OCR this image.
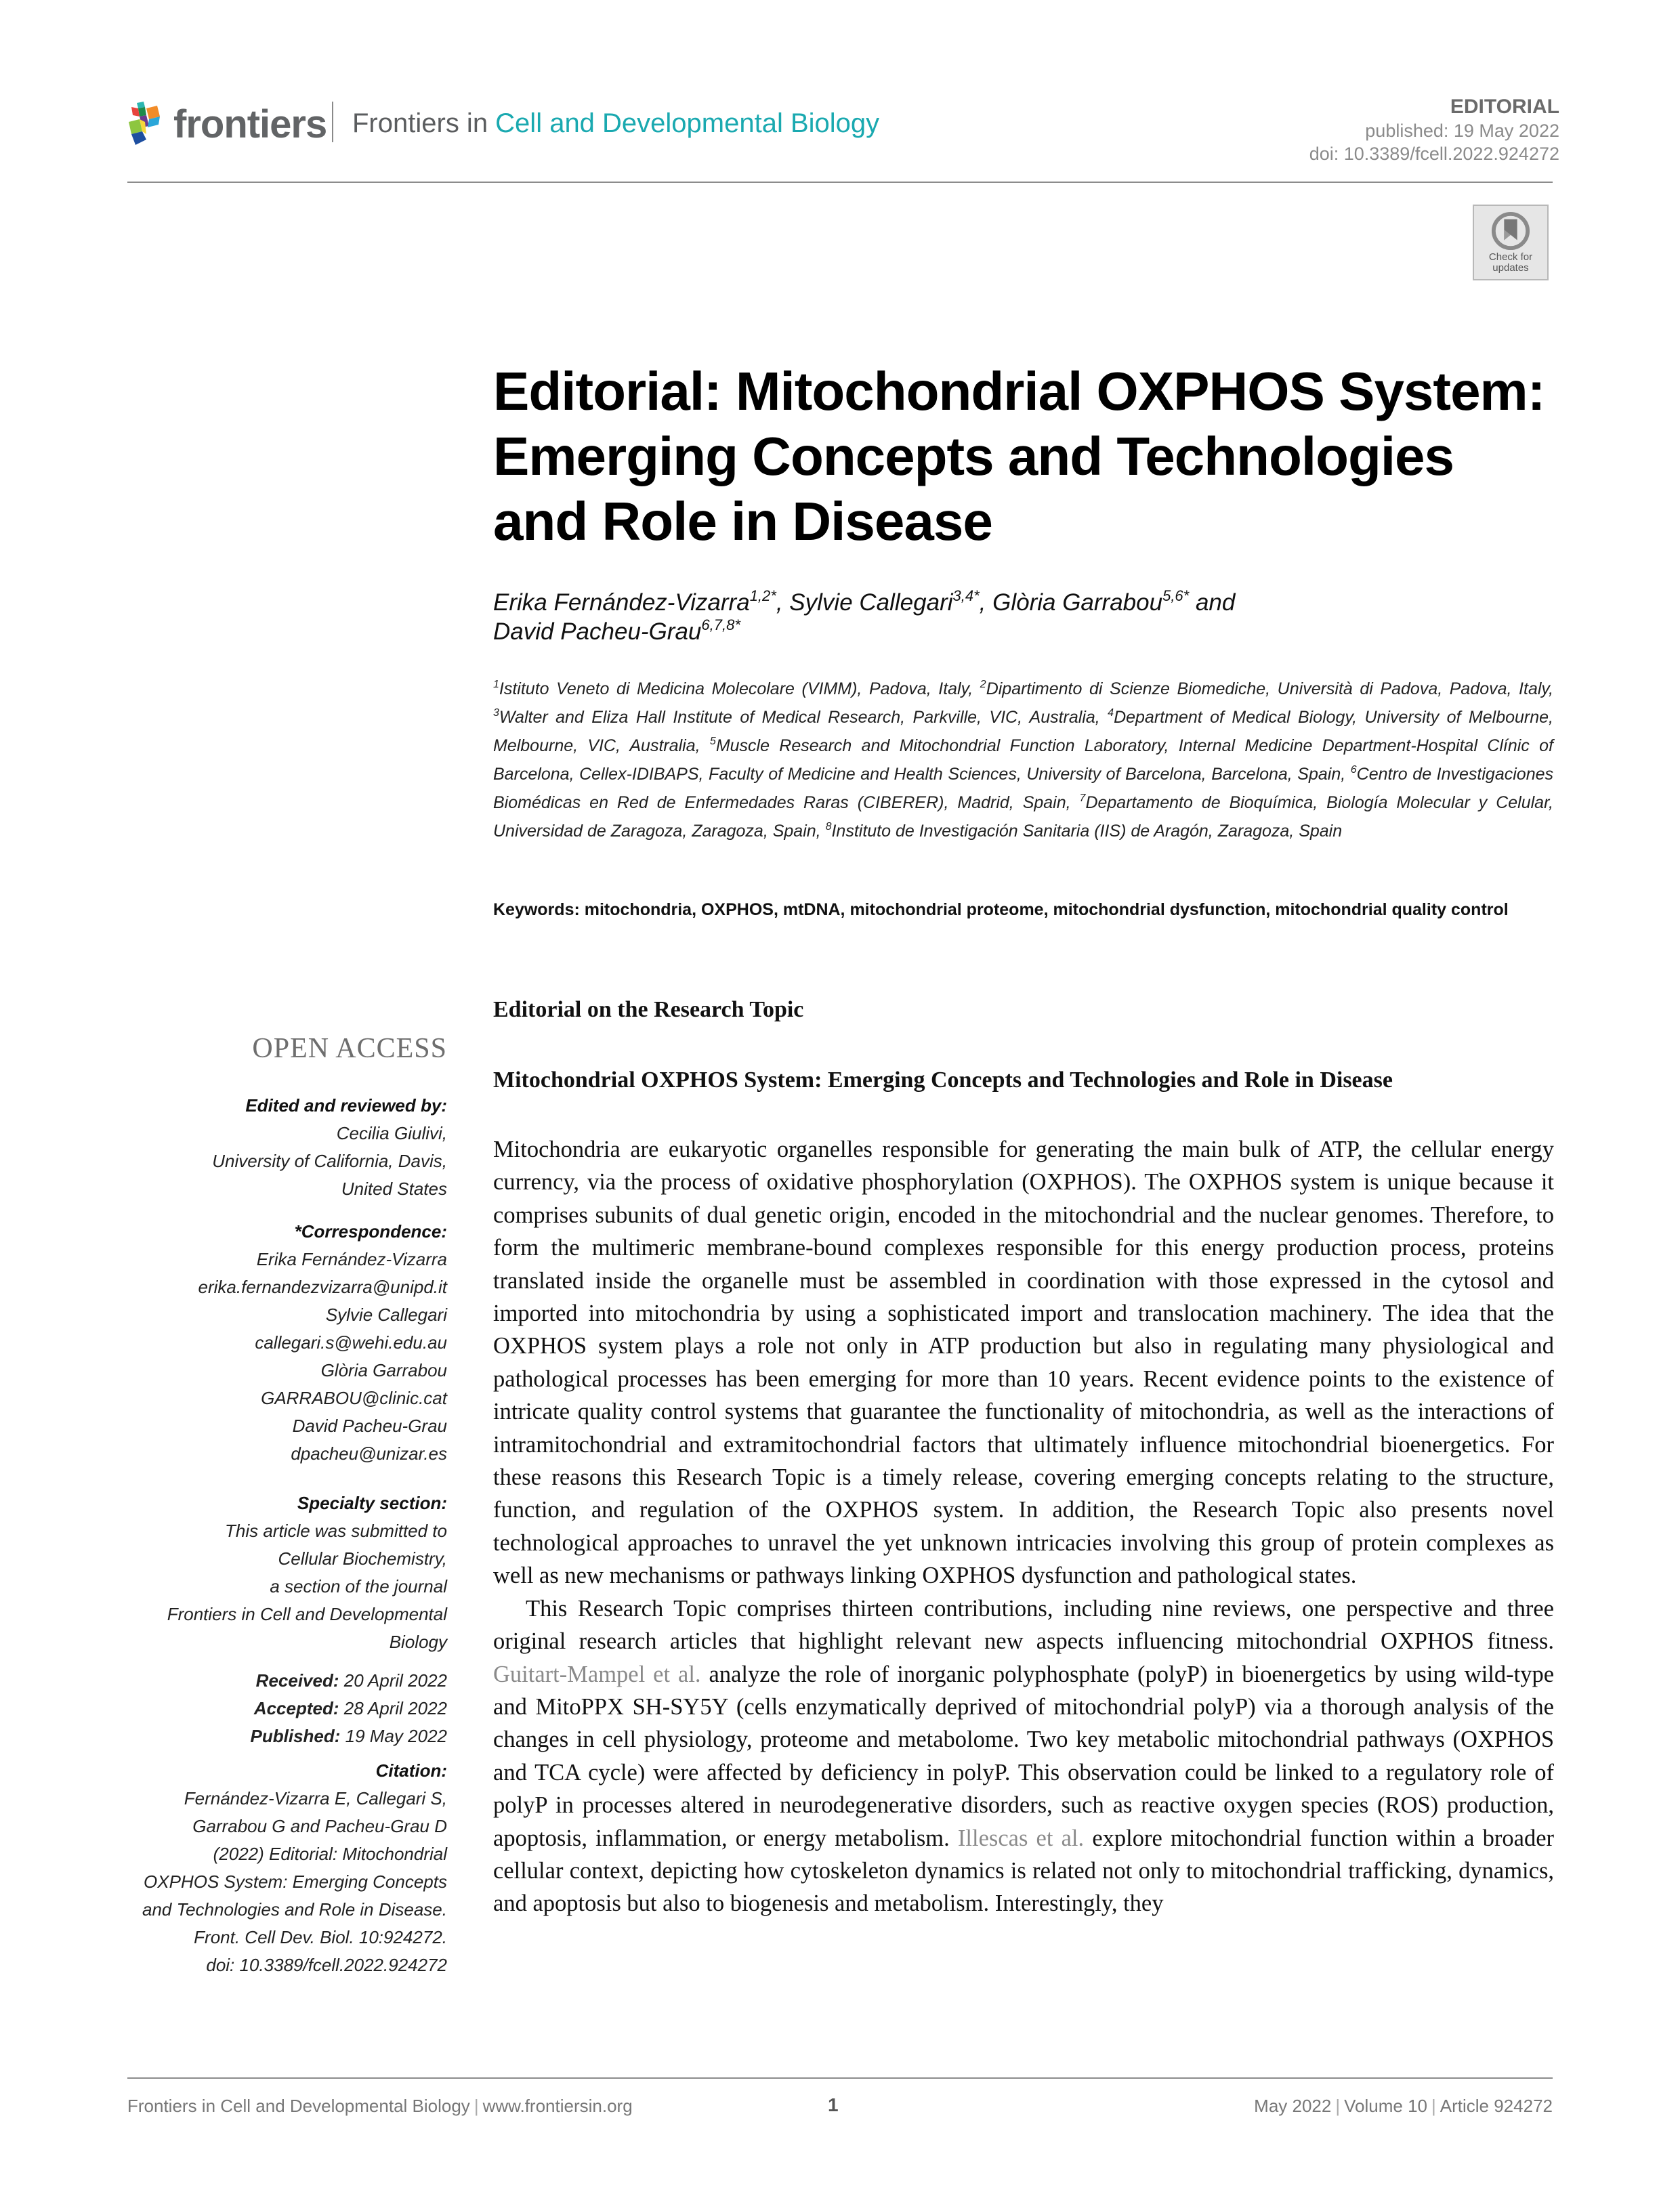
frontiers Frontiers in Cell and Developmental Biology
EDITORIAL
published: 19 May 2022
doi: 10.3389/fcell.2022.924272
Check for
updates
Editorial: Mitochondrial OXPHOS System: Emerging Concepts and Technologies and Role in Disease
Erika Fernández-Vizarra$^{1,2*}$, Sylvie Callegari$^{3,4*}$, Glòria Garrabou$^{5,6*}$ and
David Pacheu-Grau$^{6,7,8*}$
$^1$Istituto Veneto di Medicina Molecolare (VIMM), Padova, Italy, $^2$Dipartimento di Scienze Biomediche, Università di Padova, Padova, Italy, $^3$Walter and Eliza Hall Institute of Medical Research, Parkville, VIC, Australia, $^4$Department of Medical Biology, University of Melbourne, Melbourne, VIC, Australia, $^5$Muscle Research and Mitochondrial Function Laboratory, Internal Medicine Department-Hospital Clínic of Barcelona, Cellex-IDIBAPS, Faculty of Medicine and Health Sciences, University of Barcelona, Barcelona, Spain, $^6$Centro de Investigaciones Biomédicas en Red de Enfermedades Raras (CIBERER), Madrid, Spain, $^7$Departamento de Bioquímica, Biología Molecular y Celular, Universidad de Zaragoza, Zaragoza, Spain, $^8$Instituto de Investigación Sanitaria (IIS) de Aragón, Zaragoza, Spain
Keywords: mitochondria, OXPHOS, mtDNA, mitochondrial proteome, mitochondrial dysfunction, mitochondrial quality control
OPEN ACCESS
Edited and reviewed by:
Cecilia Giulivi,
University of California, Davis,
United States
*Correspondence:
Erika Fernández-Vizarra
erika.fernandezvizarra@unipd.it
Sylvie Callegari
callegari.s@wehi.edu.au
Glòria Garrabou
GARRABOU@clinic.cat
David Pacheu-Grau
dpacheu@unizar.es
Specialty section:
This article was submitted to
Cellular Biochemistry,
a section of the journal
Frontiers in Cell and Developmental
Biology
Received: 20 April 2022
Accepted: 28 April 2022
Published: 19 May 2022
Citation:
Fernández-Vizarra E, Callegari S,
Garrabou G and Pacheu-Grau D
(2022) Editorial: Mitochondrial
OXPHOS System: Emerging Concepts
and Technologies and Role in Disease.
Front. Cell Dev. Biol. 10:924272.
doi: 10.3389/fcell.2022.924272
Editorial on the Research Topic
Mitochondrial OXPHOS System: Emerging Concepts and Technologies and Role in Disease

Mitochondria are eukaryotic organelles responsible for generating the main bulk of ATP, the cellular energy currency, via the process of oxidative phosphorylation (OXPHOS). The OXPHOS system is unique because it comprises subunits of dual genetic origin, encoded in the mitochondrial and the nuclear genomes. Therefore, to form the multimeric membrane-bound complexes responsible for this energy production process, proteins translated inside the organelle must be assembled in coordination with those expressed in the cytosol and imported into mitochondria by using a sophisticated import and translocation machinery. The idea that the OXPHOS system plays a role not only in ATP production but also in regulating many physiological and pathological processes has been emerging for more than 10 years. Recent evidence points to the existence of intricate quality control systems that guarantee the functionality of mitochondria, as well as the interactions of intramitochondrial and extramitochondrial factors that ultimately influence mitochondrial bioenergetics. For these reasons this Research Topic is a timely release, covering emerging concepts relating to the structure, function, and regulation of the OXPHOS system. In addition, the Research Topic also presents novel technological approaches to unravel the yet unknown intricacies involving this group of protein complexes as well as new mechanisms or pathways linking OXPHOS dysfunction and pathological states.

This Research Topic comprises thirteen contributions, including nine reviews, one perspective and three original research articles that highlight relevant new aspects influencing mitochondrial OXPHOS fitness. Guitart-Mampel et al. analyze the role of inorganic polyphosphate (polyP) in bioenergetics by using wild-type and MitoPPX SH-SY5Y (cells enzymatically deprived of mitochondrial polyP) via a thorough analysis of the changes in cell physiology, proteome and metabolome. Two key metabolic mitochondrial pathways (OXPHOS and TCA cycle) were affected by deficiency in polyP. This observation could be linked to a regulatory role of polyP in processes altered in neurodegenerative disorders, such as reactive oxygen species (ROS) production, apoptosis, inflammation, or energy metabolism. Illescas et al. explore mitochondrial function within a broader cellular context, depicting how cytoskeleton dynamics is related not only to mitochondrial trafficking, dynamics, and apoptosis but also to biogenesis and metabolism. Interestingly, they

Frontiers in Cell and Developmental Biology | www.frontiersin.org	1	May 2022 | Volume 10 | Article 924272
